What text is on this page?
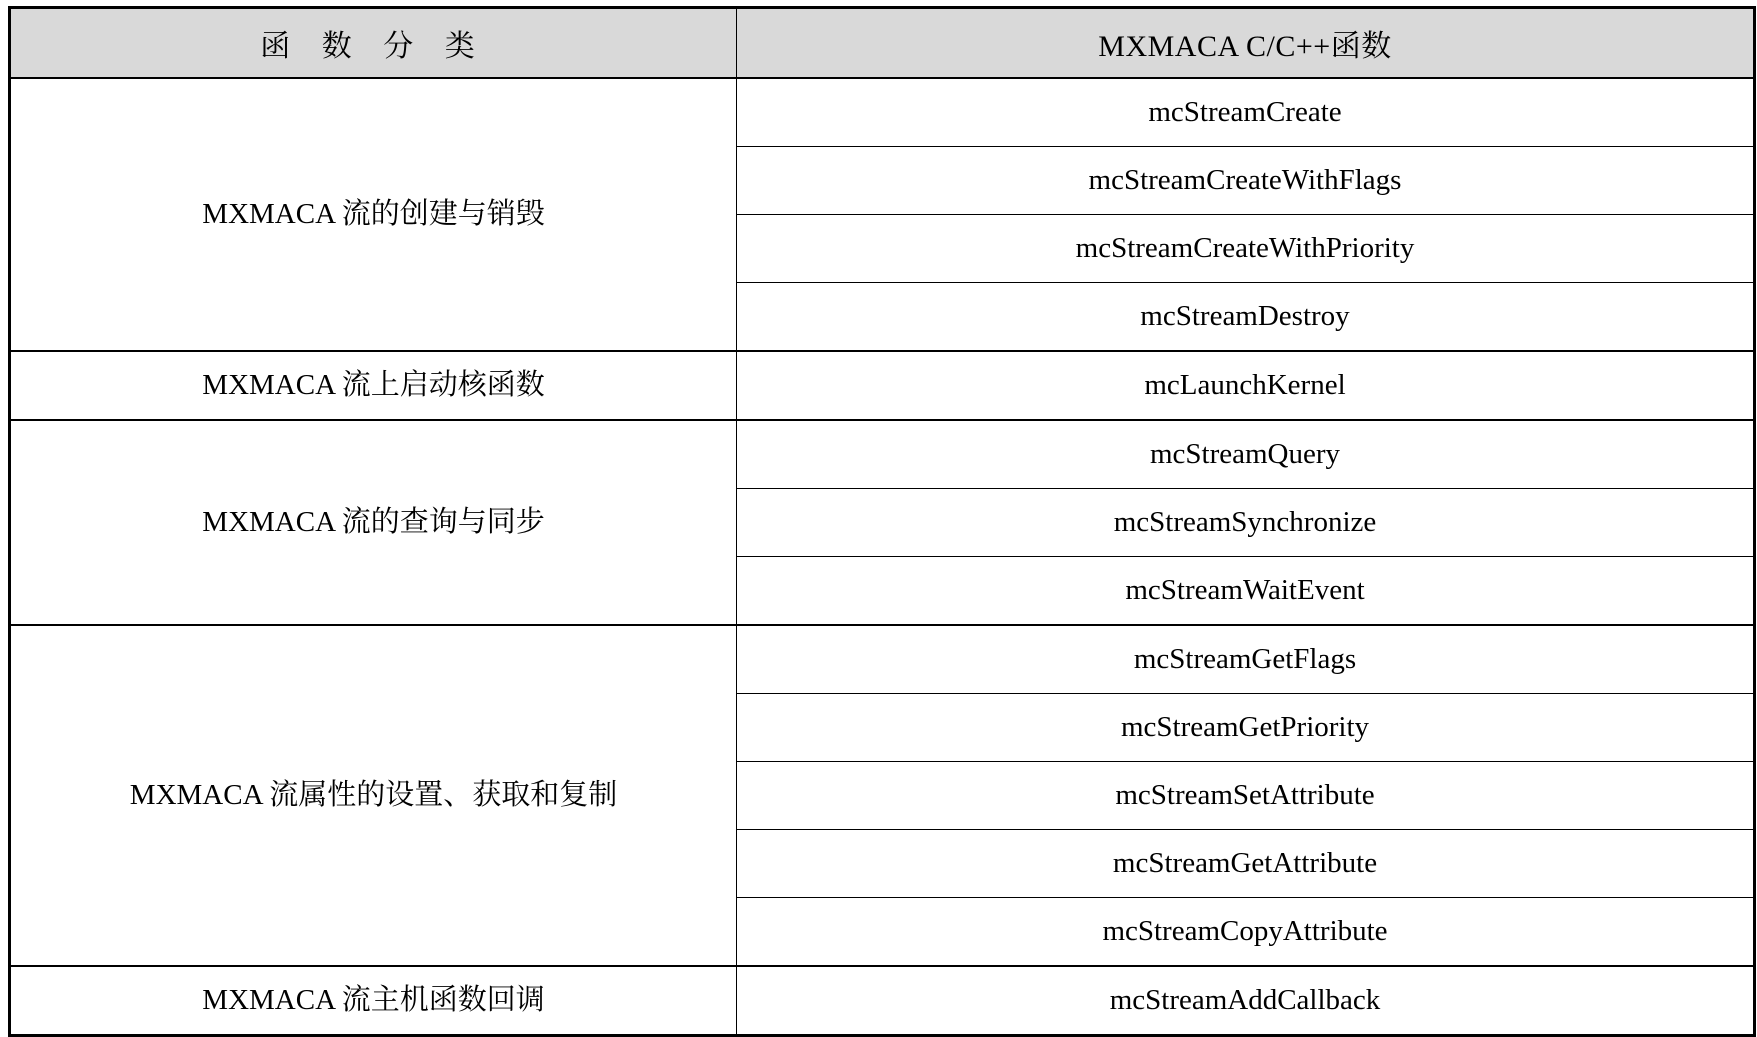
函 数 分 类	MXMACA C/C++函数
MXMACA 流的创建与销毁	mcStreamCreate
	mcStreamCreateWithFlags
	mcStreamCreateWithPriority
	mcStreamDestroy
MXMACA 流上启动核函数	mcLaunchKernel
MXMACA 流的查询与同步	mcStreamQuery
	mcStreamSynchronize
	mcStreamWaitEvent
MXMACA 流属性的设置、获取和复制	mcStreamGetFlags
	mcStreamGetPriority
	mcStreamSetAttribute
	mcStreamGetAttribute
	mcStreamCopyAttribute
MXMACA 流主机函数回调	mcStreamAddCallback
